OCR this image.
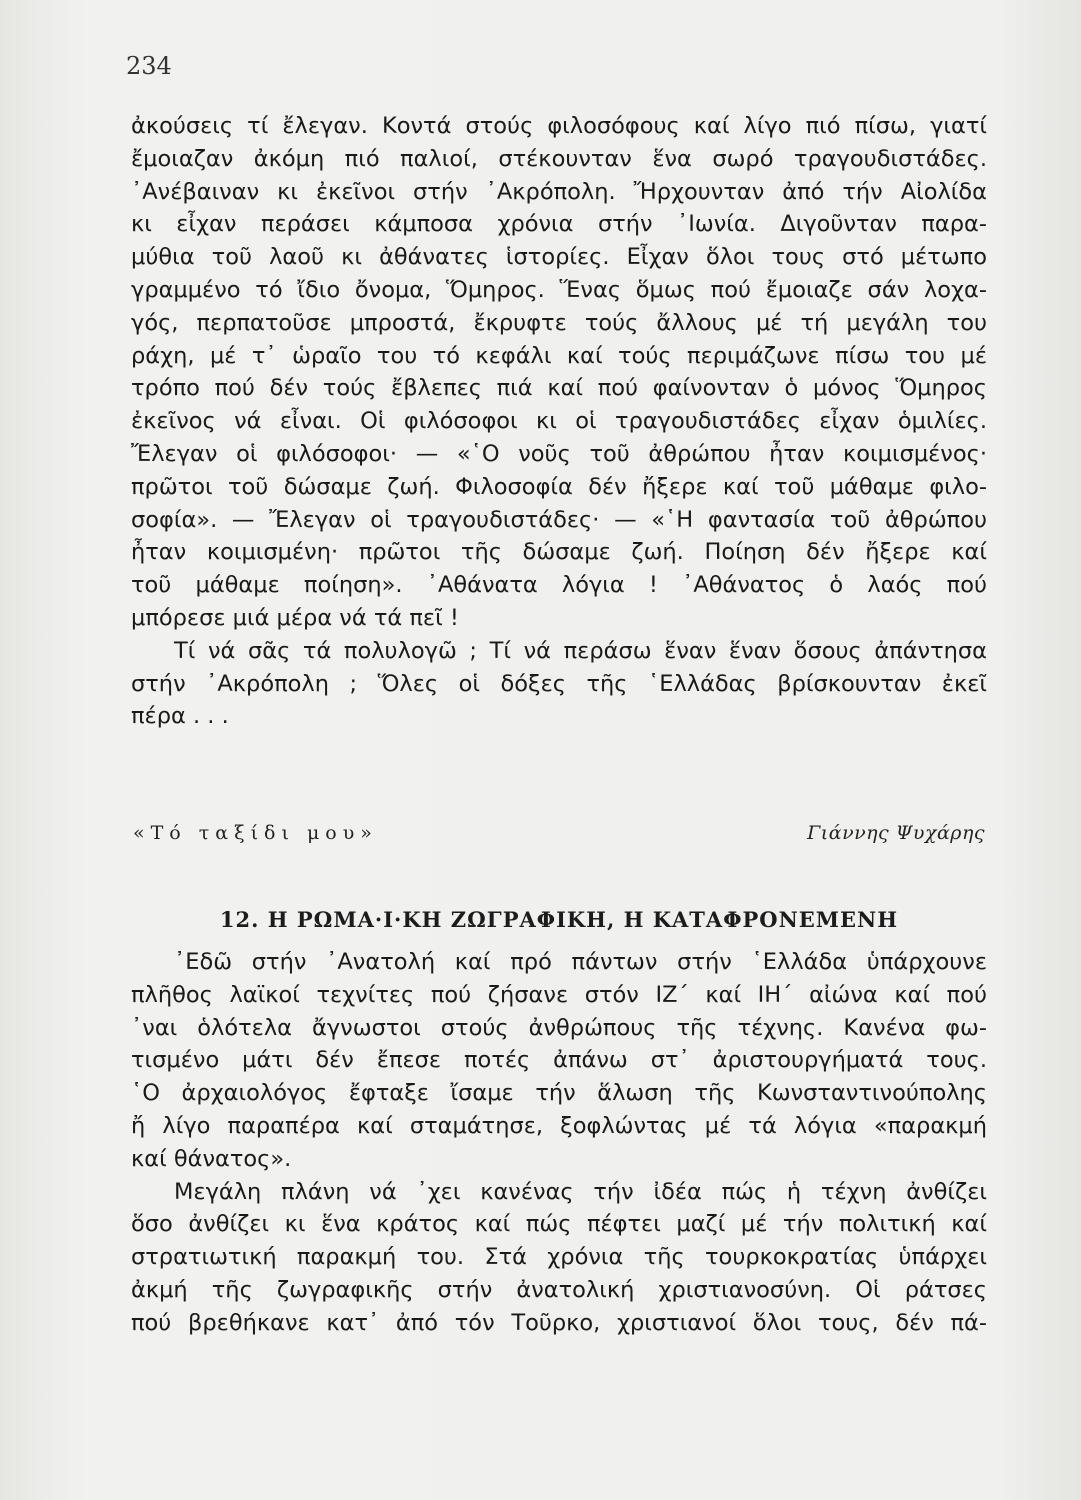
234
ἀκούσεις τί ἔλεγαν. Κοντά στούς φιλοσόφους καί λίγο πιό πίσω, γιατί
ἔμοιαζαν ἀκόμη πιό παλιοί, στέκουνταν ἕνα σωρό τραγουδιστάδες.
᾿Ανέβαιναν κι ἐκεῖνοι στήν ᾿Ακρόπολη. Ἤρχουνταν ἀπό τήν Αἰολίδα
κι εἶχαν περάσει κάμποσα χρόνια στήν ᾿Ιωνία. Διγοῦνταν παρα-
μύθια τοῦ λαοῦ κι ἀθάνατες ἱστορίες. Εἶχαν ὅλοι τους στό μέτωπο
γραμμένο τό ἴδιο ὄνομα, Ὅμηρος. Ἕνας ὅμως πού ἔμοιαζε σάν λοχα-
γός, περπατοῦσε μπροστά, ἔκρυφτε τούς ἄλλους μέ τή μεγάλη του
ράχη, μέ τ᾿ ὡραῖο του τό κεφάλι καί τούς περιμάζωνε πίσω του μέ
τρόπο πού δέν τούς ἔβλεπες πιά καί πού φαίνονταν ὁ μόνος Ὅμηρος
ἐκεῖνος νά εἶναι. Οἱ φιλόσοφοι κι οἱ τραγουδιστάδες εἶχαν ὁμιλίες.
Ἔλεγαν οἱ φιλόσοφοι· — «῾Ο νοῦς τοῦ ἀθρώπου ἦταν κοιμισμένος·
πρῶτοι τοῦ δώσαμε ζωή. Φιλοσοφία δέν ἤξερε καί τοῦ μάθαμε φιλο-
σοφία». — Ἔλεγαν οἱ τραγουδιστάδες· — «῾Η φαντασία τοῦ ἀθρώπου
ἦταν κοιμισμένη· πρῶτοι τῆς δώσαμε ζωή. Ποίηση δέν ἤξερε καί
τοῦ μάθαμε ποίηση». ᾿Αθάνατα λόγια ! ᾿Αθάνατος ὁ λαός πού
μπόρεσε μιά μέρα νά τά πεῖ !
Τί νά σᾶς τά πολυλογῶ ; Τί νά περάσω ἕναν ἕναν ὅσους ἀπάντησα
στήν ᾿Ακρόπολη ; Ὅλες οἱ δόξες τῆς ῾Ελλάδας βρίσκουνταν ἐκεῖ
πέρα . . .
«Τό ταξίδι μου»	Γιάννης Ψυχάρης
12. Η ΡΩΜΑ·Ι·ΚΗ ΖΩΓΡΑΦΙΚΗ, Η ΚΑΤΑΦΡΟΝΕΜΕΝΗ
᾿Εδῶ στήν ᾿Ανατολή καί πρό πάντων στήν ῾Ελλάδα ὑπάρχουνε
πλῆθος λαϊκοί τεχνίτες πού ζήσανε στόν ΙΖ΄ καί ΙΗ΄ αἰώνα καί πού
᾿ναι ὁλότελα ἄγνωστοι στούς ἀνθρώπους τῆς τέχνης. Κανένα φω-
τισμένο μάτι δέν ἔπεσε ποτές ἀπάνω στ᾿ ἀριστουργήματά τους.
῾Ο ἀρχαιολόγος ἔφταξε ἴσαμε τήν ἅλωση τῆς Κωνσταντινούπολης
ἤ λίγο παραπέρα καί σταμάτησε, ξοφλώντας μέ τά λόγια «παρακμή
καί θάνατος».
Μεγάλη πλάνη νά ᾿χει κανένας τήν ἰδέα πώς ἡ τέχνη ἀνθίζει
ὅσο ἀνθίζει κι ἕνα κράτος καί πώς πέφτει μαζί μέ τήν πολιτική καί
στρατιωτική παρακμή του. Στά χρόνια τῆς τουρκοκρατίας ὑπάρχει
ἀκμή τῆς ζωγραφικῆς στήν ἀνατολική χριστιανοσύνη. Οἱ ράτσες
πού βρεθήκανε κατ᾿ ἀπό τόν Τοῦρκο, χριστιανοί ὅλοι τους, δέν πά-
